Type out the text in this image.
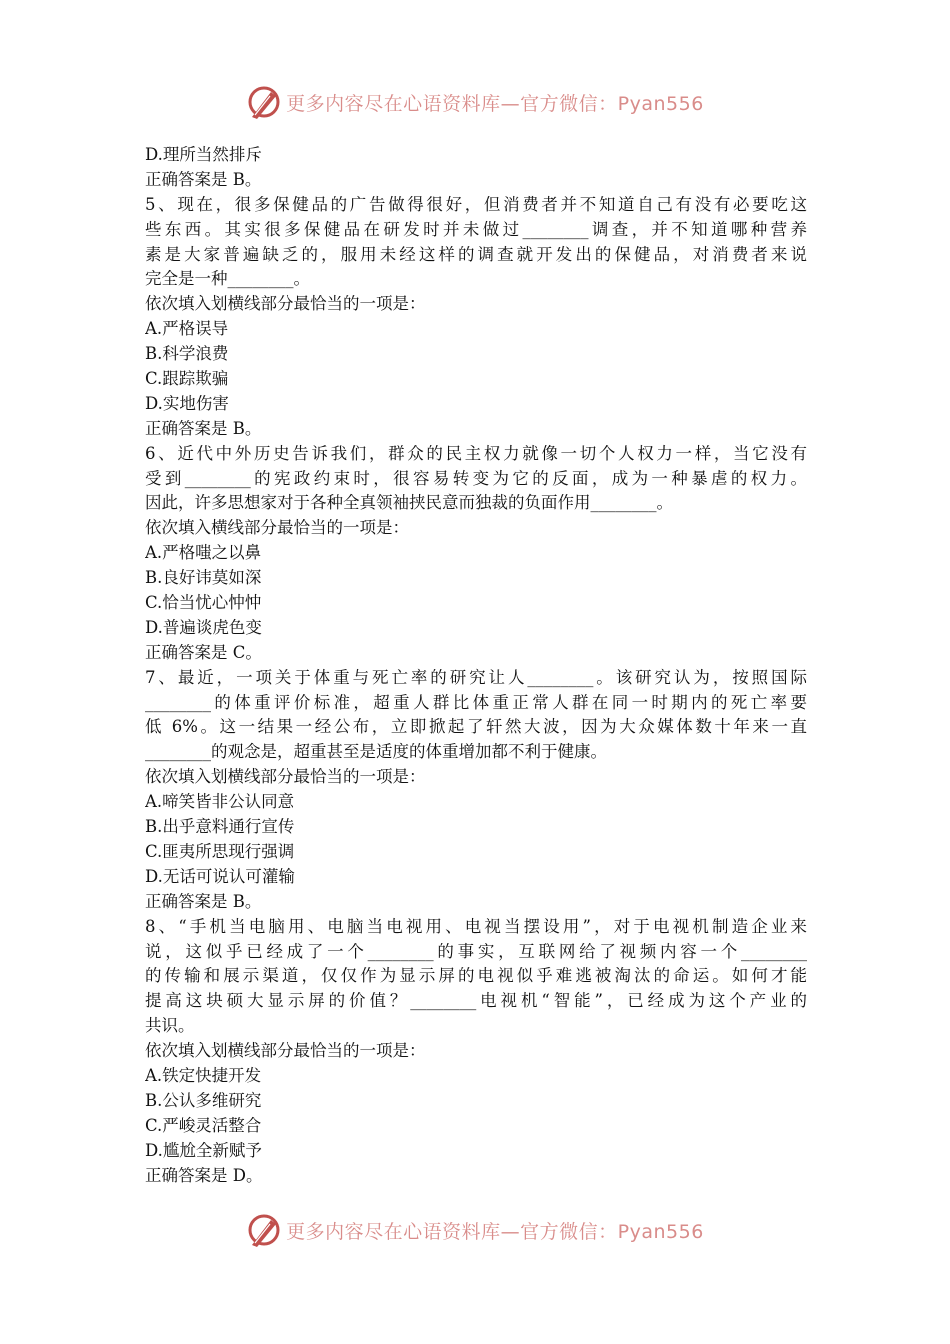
更多内容尽在心语资料库—官方微信：Pyan556
D.理所当然排斥
正确答案是 B。
5、现在，很多保健品的广告做得很好，但消费者并不知道自己有没有必要吃这
些东西。其实很多保健品在研发时并未做过________调查，并不知道哪种营养
素是大家普遍缺乏的，服用未经这样的调查就开发出的保健品，对消费者来说
完全是一种________。
依次填入划横线部分最恰当的一项是：
A.严格误导
B.科学浪费
C.跟踪欺骗
D.实地伤害
正确答案是 B。
6、近代中外历史告诉我们，群众的民主权力就像一切个人权力一样，当它没有
受到________的宪政约束时，很容易转变为它的反面，成为一种暴虐的权力。
因此，许多思想家对于各种全真领袖挟民意而独裁的负面作用________。
依次填入横线部分最恰当的一项是：
A.严格嗤之以鼻
B.良好讳莫如深
C.恰当忧心忡忡
D.普遍谈虎色变
正确答案是 C。
7、最近，一项关于体重与死亡率的研究让人________。该研究认为，按照国际
________的体重评价标准，超重人群比体重正常人群在同一时期内的死亡率要
低 6%。这一结果一经公布，立即掀起了轩然大波，因为大众媒体数十年来一直
________的观念是，超重甚至是适度的体重增加都不利于健康。
依次填入划横线部分最恰当的一项是：
A.啼笑皆非公认同意
B.出乎意料通行宣传
C.匪夷所思现行强调
D.无话可说认可灌输
正确答案是 B。
8、“手机当电脑用、电脑当电视用、电视当摆设用”，对于电视机制造企业来
说，这似乎已经成了一个________的事实，互联网给了视频内容一个________
的传输和展示渠道，仅仅作为显示屏的电视似乎难逃被淘汰的命运。如何才能
提高这块硕大显示屏的价值？________电视机“智能”，已经成为这个产业的
共识。
依次填入划横线部分最恰当的一项是：
A.铁定快捷开发
B.公认多维研究
C.严峻灵活整合
D.尴尬全新赋予
正确答案是 D。
更多内容尽在心语资料库—官方微信：Pyan556
